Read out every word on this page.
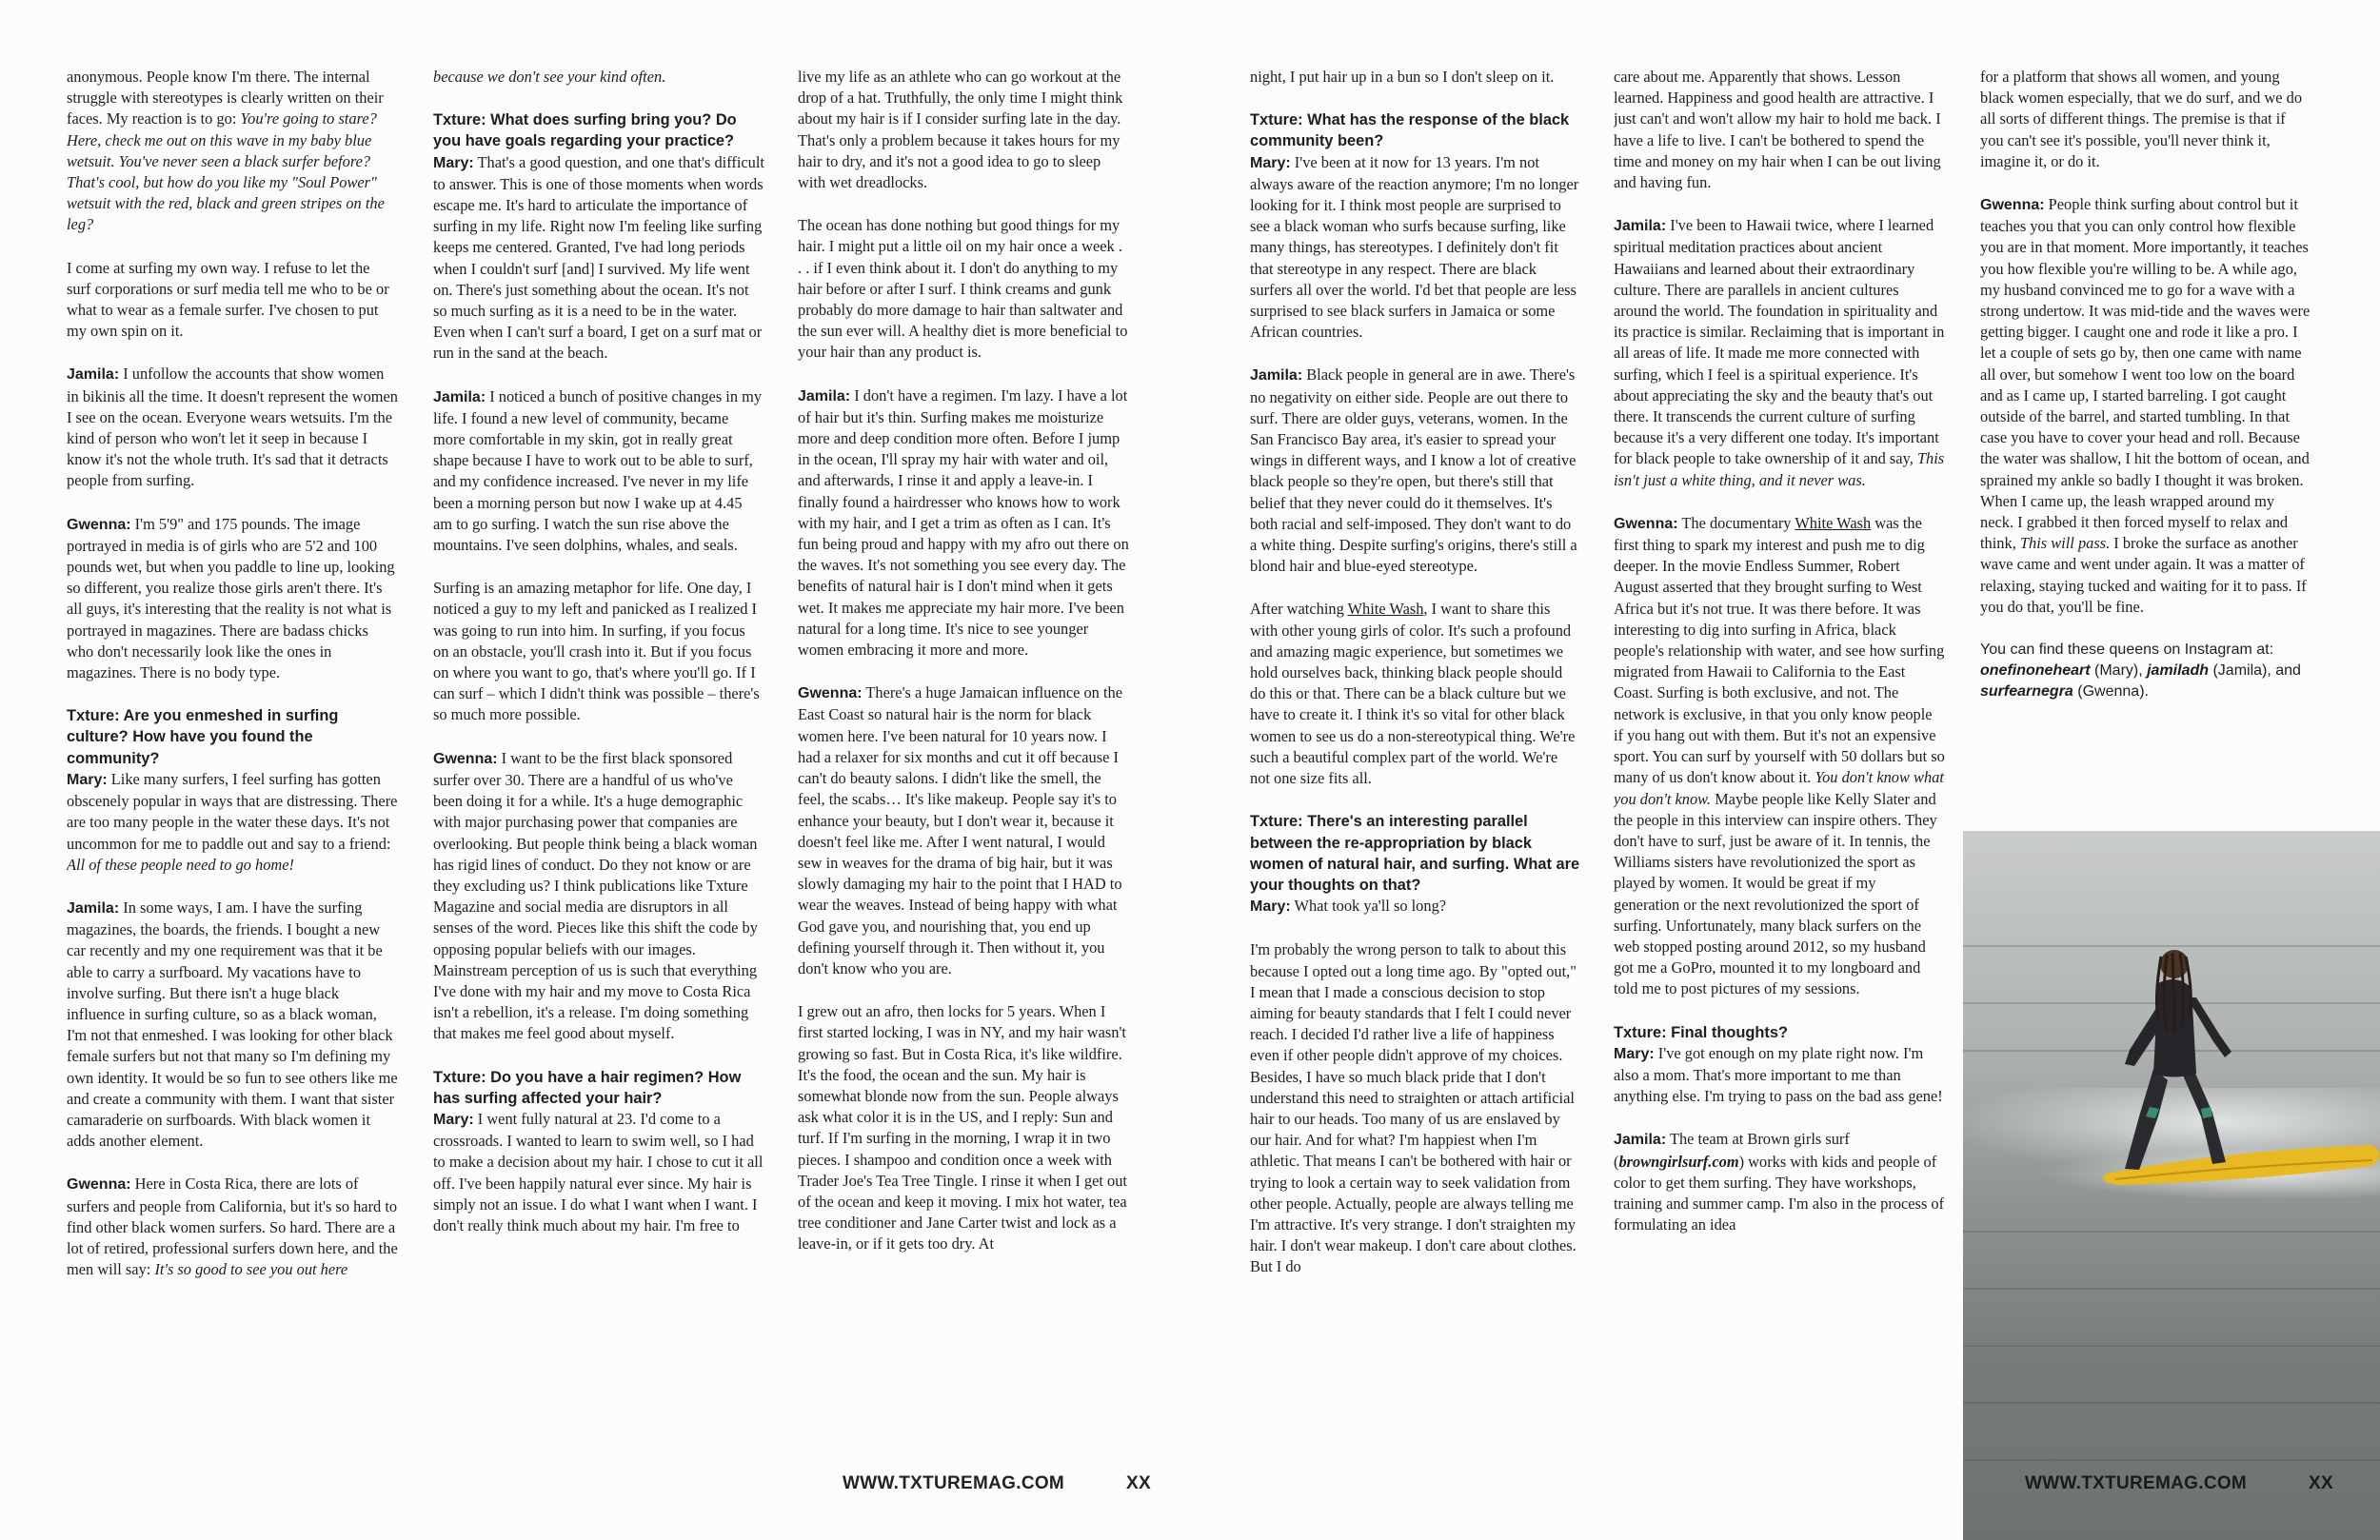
anonymous. People know I'm there. The internal struggle with stereotypes is clearly written on their faces. My reaction is to go: You're going to stare? Here, check me out on this wave in my baby blue wetsuit. You've never seen a black surfer before? That's cool, but how do you like my "Soul Power" wetsuit with the red, black and green stripes on the leg?

I come at surfing my own way. I refuse to let the surf corporations or surf media tell me who to be or what to wear as a female surfer. I've chosen to put my own spin on it.

Jamila: I unfollow the accounts that show women in bikinis all the time. It doesn't represent the women I see on the ocean. Everyone wears wetsuits. I'm the kind of person who won't let it seep in because I know it's not the whole truth. It's sad that it detracts people from surfing.

Gwenna: I'm 5'9" and 175 pounds. The image portrayed in media is of girls who are 5'2 and 100 pounds wet, but when you paddle to line up, looking so different, you realize those girls aren't there. It's all guys, it's interesting that the reality is not what is portrayed in magazines. There are badass chicks who don't necessarily look like the ones in magazines. There is no body type.

Txture: Are you enmeshed in surfing culture? How have you found the community?

Mary: Like many surfers, I feel surfing has gotten obscenely popular in ways that are distressing. There are too many people in the water these days. It's not uncommon for me to paddle out and say to a friend: All of these people need to go home!

Jamila: In some ways, I am. I have the surfing magazines, the boards, the friends. I bought a new car recently and my one requirement was that it be able to carry a surfboard. My vacations have to involve surfing. But there isn't a huge black influence in surfing culture, so as a black woman, I'm not that enmeshed. I was looking for other black female surfers but not that many so I'm defining my own identity. It would be so fun to see others like me and create a community with them. I want that sister camaraderie on surfboards. With black women it adds another element.

Gwenna: Here in Costa Rica, there are lots of surfers and people from California, but it's so hard to find other black women surfers. So hard. There are a lot of retired, professional surfers down here, and the men will say: It's so good to see you out here

because we don't see your kind often.

Txture: What does surfing bring you? Do you have goals regarding your practice?

Mary: That's a good question, and one that's difficult to answer. This is one of those moments when words escape me. It's hard to articulate the importance of surfing in my life. Right now I'm feeling like surfing keeps me centered. Granted, I've had long periods when I couldn't surf [and] I survived. My life went on. There's just something about the ocean. It's not so much surfing as it is a need to be in the water. Even when I can't surf a board, I get on a surf mat or run in the sand at the beach.

Jamila: I noticed a bunch of positive changes in my life. I found a new level of community, became more comfortable in my skin, got in really great shape because I have to work out to be able to surf, and my confidence increased. I've never in my life been a morning person but now I wake up at 4.45 am to go surfing. I watch the sun rise above the mountains. I've seen dolphins, whales, and seals.

Surfing is an amazing metaphor for life. One day, I noticed a guy to my left and panicked as I realized I was going to run into him. In surfing, if you focus on an obstacle, you'll crash into it. But if you focus on where you want to go, that's where you'll go. If I can surf – which I didn't think was possible – there's so much more possible.

Gwenna: I want to be the first black sponsored surfer over 30. There are a handful of us who've been doing it for a while. It's a huge demographic with major purchasing power that companies are overlooking. But people think being a black woman has rigid lines of conduct. Do they not know or are they excluding us? I think publications like Txture Magazine and social media are disruptors in all senses of the word. Pieces like this shift the code by opposing popular beliefs with our images. Mainstream perception of us is such that everything I've done with my hair and my move to Costa Rica isn't a rebellion, it's a release. I'm doing something that makes me feel good about myself.

Txture: Do you have a hair regimen? How has surfing affected your hair?

Mary: I went fully natural at 23. I'd come to a crossroads. I wanted to learn to swim well, so I had to make a decision about my hair. I chose to cut it all off. I've been happily natural ever since. My hair is simply not an issue. I do what I want when I want. I don't really think much about my hair. I'm free to

live my life as an athlete who can go workout at the drop of a hat. Truthfully, the only time I might think about my hair is if I consider surfing late in the day. That's only a problem because it takes hours for my hair to dry, and it's not a good idea to go to sleep with wet dreadlocks.

The ocean has done nothing but good things for my hair. I might put a little oil on my hair once a week . . . if I even think about it. I don't do anything to my hair before or after I surf. I think creams and gunk probably do more damage to hair than saltwater and the sun ever will. A healthy diet is more beneficial to your hair than any product is.

Jamila: I don't have a regimen. I'm lazy. I have a lot of hair but it's thin. Surfing makes me moisturize more and deep condition more often. Before I jump in the ocean, I'll spray my hair with water and oil, and afterwards, I rinse it and apply a leave-in. I finally found a hairdresser who knows how to work with my hair, and I get a trim as often as I can. It's fun being proud and happy with my afro out there on the waves. It's not something you see every day. The benefits of natural hair is I don't mind when it gets wet. It makes me appreciate my hair more. I've been natural for a long time. It's nice to see younger women embracing it more and more.

Gwenna: There's a huge Jamaican influence on the East Coast so natural hair is the norm for black women here. I've been natural for 10 years now. I had a relaxer for six months and cut it off because I can't do beauty salons. I didn't like the smell, the feel, the scabs… It's like makeup. People say it's to enhance your beauty, but I don't wear it, because it doesn't feel like me. After I went natural, I would sew in weaves for the drama of big hair, but it was slowly damaging my hair to the point that I HAD to wear the weaves. Instead of being happy with what God gave you, and nourishing that, you end up defining yourself through it. Then without it, you don't know who you are.

I grew out an afro, then locks for 5 years. When I first started locking, I was in NY, and my hair wasn't growing so fast. But in Costa Rica, it's like wildfire. It's the food, the ocean and the sun. My hair is somewhat blonde now from the sun. People always ask what color it is in the US, and I reply: Sun and turf. If I'm surfing in the morning, I wrap it in two pieces. I shampoo and condition once a week with Trader Joe's Tea Tree Tingle. I rinse it when I get out of the ocean and keep it moving. I mix hot water, tea tree conditioner and Jane Carter twist and lock as a leave-in, or if it gets too dry. At

WWW.TXTUREMAG.COM	XX

night, I put hair up in a bun so I don't sleep on it.

Txture: What has the response of the black community been?

Mary: I've been at it now for 13 years. I'm not always aware of the reaction anymore; I'm no longer looking for it. I think most people are surprised to see a black woman who surfs because surfing, like many things, has stereotypes. I definitely don't fit that stereotype in any respect. There are black surfers all over the world. I'd bet that people are less surprised to see black surfers in Jamaica or some African countries.

Jamila: Black people in general are in awe. There's no negativity on either side. People are out there to surf. There are older guys, veterans, women. In the San Francisco Bay area, it's easier to spread your wings in different ways, and I know a lot of creative black people so they're open, but there's still that belief that they never could do it themselves. It's both racial and self-imposed. They don't want to do a white thing. Despite surfing's origins, there's still a blond hair and blue-eyed stereotype.

After watching White Wash, I want to share this with other young girls of color. It's such a profound and amazing magic experience, but sometimes we hold ourselves back, thinking black people should do this or that. There can be a black culture but we have to create it. I think it's so vital for other black women to see us do a non-stereotypical thing. We're such a beautiful complex part of the world. We're not one size fits all.

Txture: There's an interesting parallel between the re-appropriation by black women of natural hair, and surfing. What are your thoughts on that?

Mary: What took ya'll so long?

I'm probably the wrong person to talk to about this because I opted out a long time ago. By "opted out," I mean that I made a conscious decision to stop aiming for beauty standards that I felt I could never reach. I decided I'd rather live a life of happiness even if other people didn't approve of my choices. Besides, I have so much black pride that I don't understand this need to straighten or attach artificial hair to our heads. Too many of us are enslaved by our hair. And for what? I'm happiest when I'm athletic. That means I can't be bothered with hair or trying to look a certain way to seek validation from other people. Actually, people are always telling me I'm attractive. It's very strange. I don't straighten my hair. I don't wear makeup. I don't care about clothes. But I do

care about me. Apparently that shows. Lesson learned. Happiness and good health are attractive. I just can't and won't allow my hair to hold me back. I have a life to live. I can't be bothered to spend the time and money on my hair when I can be out living and having fun.

Jamila: I've been to Hawaii twice, where I learned spiritual meditation practices about ancient Hawaiians and learned about their extraordinary culture. There are parallels in ancient cultures around the world. The foundation in spirituality and its practice is similar. Reclaiming that is important in all areas of life. It made me more connected with surfing, which I feel is a spiritual experience. It's about appreciating the sky and the beauty that's out there. It transcends the current culture of surfing because it's a very different one today. It's important for black people to take ownership of it and say, This isn't just a white thing, and it never was.

Gwenna: The documentary White Wash was the first thing to spark my interest and push me to dig deeper. In the movie Endless Summer, Robert August asserted that they brought surfing to West Africa but it's not true. It was there before. It was interesting to dig into surfing in Africa, black people's relationship with water, and see how surfing migrated from Hawaii to California to the East Coast. Surfing is both exclusive, and not. The network is exclusive, in that you only know people if you hang out with them. But it's not an expensive sport. You can surf by yourself with 50 dollars but so many of us don't know about it. You don't know what you don't know. Maybe people like Kelly Slater and the people in this interview can inspire others. They don't have to surf, just be aware of it. In tennis, the Williams sisters have revolutionized the sport as played by women. It would be great if my generation or the next revolutionized the sport of surfing. Unfortunately, many black surfers on the web stopped posting around 2012, so my husband got me a GoPro, mounted it to my longboard and told me to post pictures of my sessions.

Txture: Final thoughts?

Mary: I've got enough on my plate right now. I'm also a mom. That's more important to me than anything else. I'm trying to pass on the bad ass gene!

Jamila: The team at Brown girls surf (browngirlsurf.com) works with kids and people of color to get them surfing. They have workshops, training and summer camp. I'm also in the process of formulating an idea

for a platform that shows all women, and young black women especially, that we do surf, and we do all sorts of different things. The premise is that if you can't see it's possible, you'll never think it, imagine it, or do it.

Gwenna: People think surfing about control but it teaches you that you can only control how flexible you are in that moment. More importantly, it teaches you how flexible you're willing to be. A while ago, my husband convinced me to go for a wave with a strong undertow. It was mid-tide and the waves were getting bigger. I caught one and rode it like a pro. I let a couple of sets go by, then one came with name all over, but somehow I went too low on the board and as I came up, I started barreling. I got caught outside of the barrel, and started tumbling. In that case you have to cover your head and roll. Because the water was shallow, I hit the bottom of ocean, and sprained my ankle so badly I thought it was broken. When I came up, the leash wrapped around my neck. I grabbed it then forced myself to relax and think, This will pass. I broke the surface as another wave came and went under again. It was a matter of relaxing, staying tucked and waiting for it to pass. If you do that, you'll be fine.

You can find these queens on Instagram at:
onefinoneheart (Mary), jamiladh (Jamila), and surfearnegra (Gwenna).

WWW.TXTUREMAG.COM	XX
